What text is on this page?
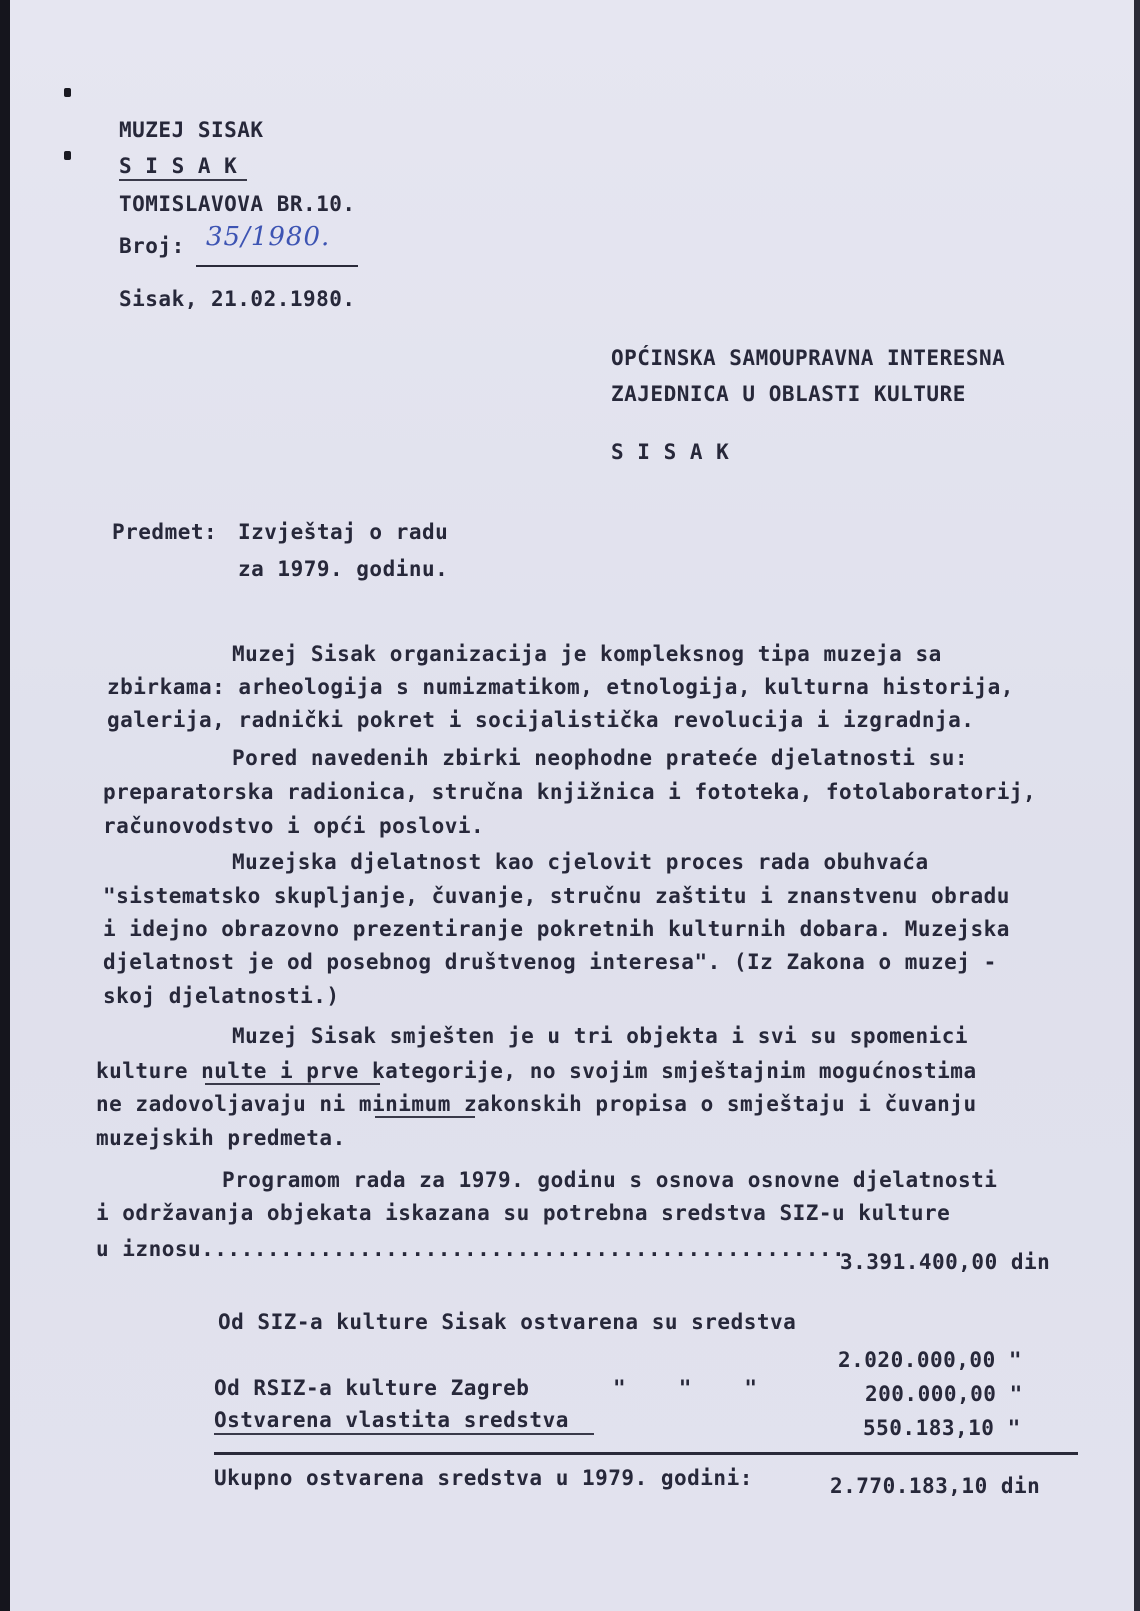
MUZEJ SISAK

S I S A K

TOMISLAVOVA BR.10.

Broj: 35/1980.

Sisak, 21.02.1980.

OPĆINSKA SAMOUPRAVNA INTERESNA

ZAJEDNICA U OBLASTI KULTURE

S I S A K

Predmet: Izvještaj o radu

za 1979. godinu.

Muzej Sisak organizacija je kompleksnog tipa muzeja sa

zbirkama: arheologija s numizmatikom, etnologija, kulturna historija,

galerija, radnički pokret i socijalistička revolucija i izgradnja.

Pored navedenih zbirki neophodne prateće djelatnosti su:

preparatorska radionica, stručna knjižnica i fototeka, fotolaboratorij,

računovodstvo i opći poslovi.

Muzejska djelatnost kao cjelovit proces rada obuhvaća

"sistematsko skupljanje, čuvanje, stručnu zaštitu i znanstvenu obradu

i idejno obrazovno prezentiranje pokretnih kulturnih dobara. Muzejska

djelatnost je od posebnog društvenog interesa". (Iz Zakona o muzej -

skoj djelatnosti.)

Muzej Sisak smješten je u tri objekta i svi su spomenici

kulture nulte i prve kategorije, no svojim smještajnim mogućnostima

ne zadovoljavaju ni minimum zakonskih propisa o smještaju i čuvanju

muzejskih predmeta.

Programom rada za 1979. godinu s osnova osnovne djelatnosti

i održavanja objekata iskazana su potrebna sredstva SIZ-u kulture

u iznosu.................................................

3.391.400,00 din

Od SIZ-a kulture Sisak ostvarena su sredstva

2.020.000,00 "

Od RSIZ-a kulture Zagreb	"    "    "	200.000,00 "

Ostvarena vlastita sredstva	550.183,10 "

Ukupno ostvarena sredstva u 1979. godini:	2.770.183,10 din
